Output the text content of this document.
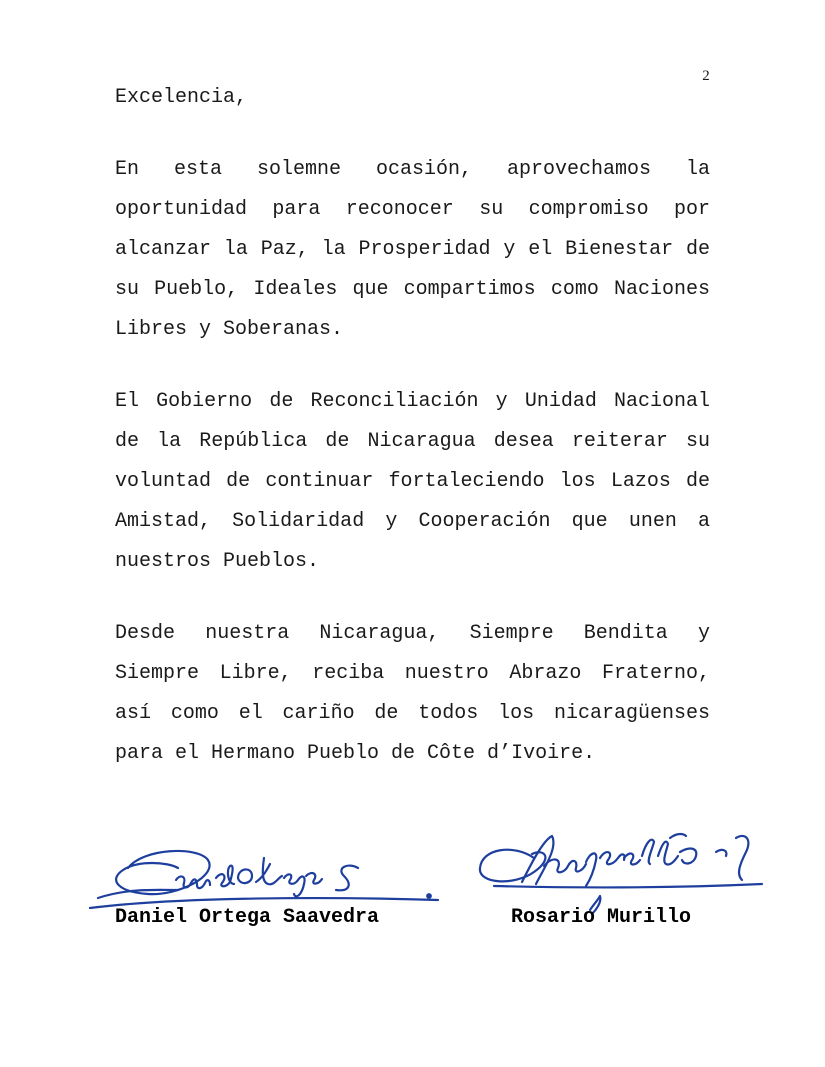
2

Excelencia,

En esta solemne ocasión, aprovechamos la oportunidad para reconocer su compromiso por alcanzar la Paz, la Prosperidad y el Bienestar de su Pueblo, Ideales que compartimos como Naciones Libres y Soberanas.

El Gobierno de Reconciliación y Unidad Nacional de la República de Nicaragua desea reiterar su voluntad de continuar fortaleciendo los Lazos de Amistad, Solidaridad y Cooperación que unen a nuestros Pueblos.

Desde nuestra Nicaragua, Siempre Bendita y Siempre Libre, reciba nuestro Abrazo Fraterno, así como el cariño de todos los nicaragüenses para el Hermano Pueblo de Côte d’Ivoire.

Daniel Ortega Saavedra	Rosario Murillo
